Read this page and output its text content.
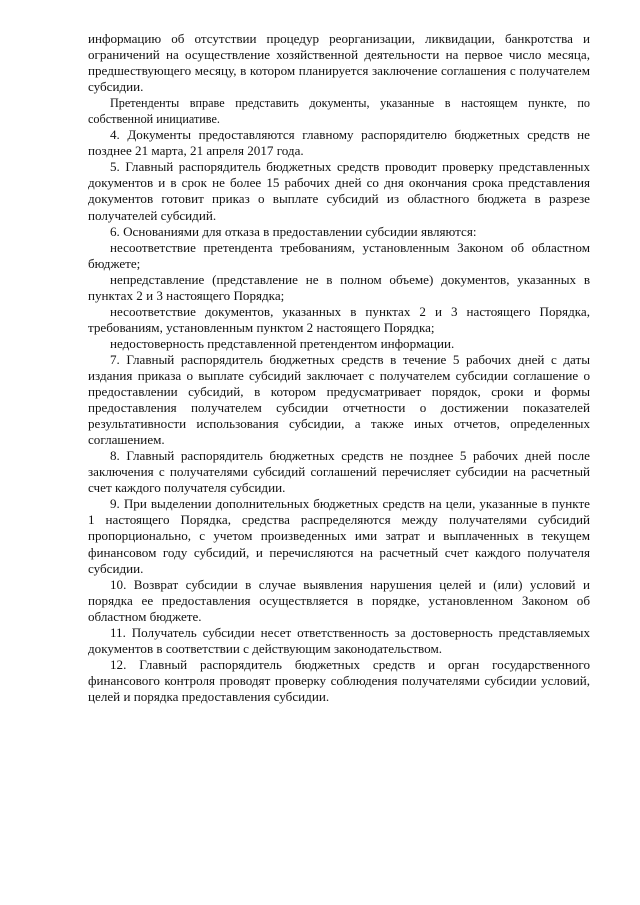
информацию об отсутствии процедур реорганизации, ликвидации, банкротства и ограничений на осуществление хозяйственной деятельности на первое число месяца, предшествующего месяцу, в котором планируется заключение соглашения с получателем субсидии.

Претенденты вправе представить документы, указанные в настоящем пункте, по собственной инициативе.

4. Документы предоставляются главному распорядителю бюджетных средств не позднее 21 марта, 21 апреля 2017 года.

5. Главный распорядитель бюджетных средств проводит проверку представленных документов и в срок не более 15 рабочих дней со дня окончания срока представления документов готовит приказ о выплате субсидий из областного бюджета в разрезе получателей субсидий.

6. Основаниями для отказа в предоставлении субсидии являются:

несоответствие претендента требованиям, установленным Законом об областном бюджете;

непредставление (представление не в полном объеме) документов, указанных в пунктах 2 и 3 настоящего Порядка;

несоответствие документов, указанных в пунктах 2 и 3 настоящего Порядка, требованиям, установленным пунктом 2 настоящего Порядка;

недостоверность представленной претендентом информации.

7. Главный распорядитель бюджетных средств в течение 5 рабочих дней с даты издания приказа о выплате субсидий заключает с получателем субсидии соглашение о предоставлении субсидий, в котором предусматривает порядок, сроки и формы предоставления получателем субсидии отчетности о достижении показателей результативности использования субсидии, а также иных отчетов, определенных соглашением.

8. Главный распорядитель бюджетных средств не позднее 5 рабочих дней после заключения с получателями субсидий соглашений перечисляет субсидии на расчетный счет каждого получателя субсидии.

9. При выделении дополнительных бюджетных средств на цели, указанные в пункте 1 настоящего Порядка, средства распределяются между получателями субсидий пропорционально, с учетом произведенных ими затрат и выплаченных в текущем финансовом году субсидий, и перечисляются на расчетный счет каждого получателя субсидии.

10. Возврат субсидии в случае выявления нарушения целей и (или) условий и порядка ее предоставления осуществляется в порядке, установленном Законом об областном бюджете.

11. Получатель субсидии несет ответственность за достоверность представляемых документов в соответствии с действующим законодательством.

12. Главный распорядитель бюджетных средств и орган государственного финансового контроля проводят проверку соблюдения получателями субсидии условий, целей и порядка предоставления субсидии.
